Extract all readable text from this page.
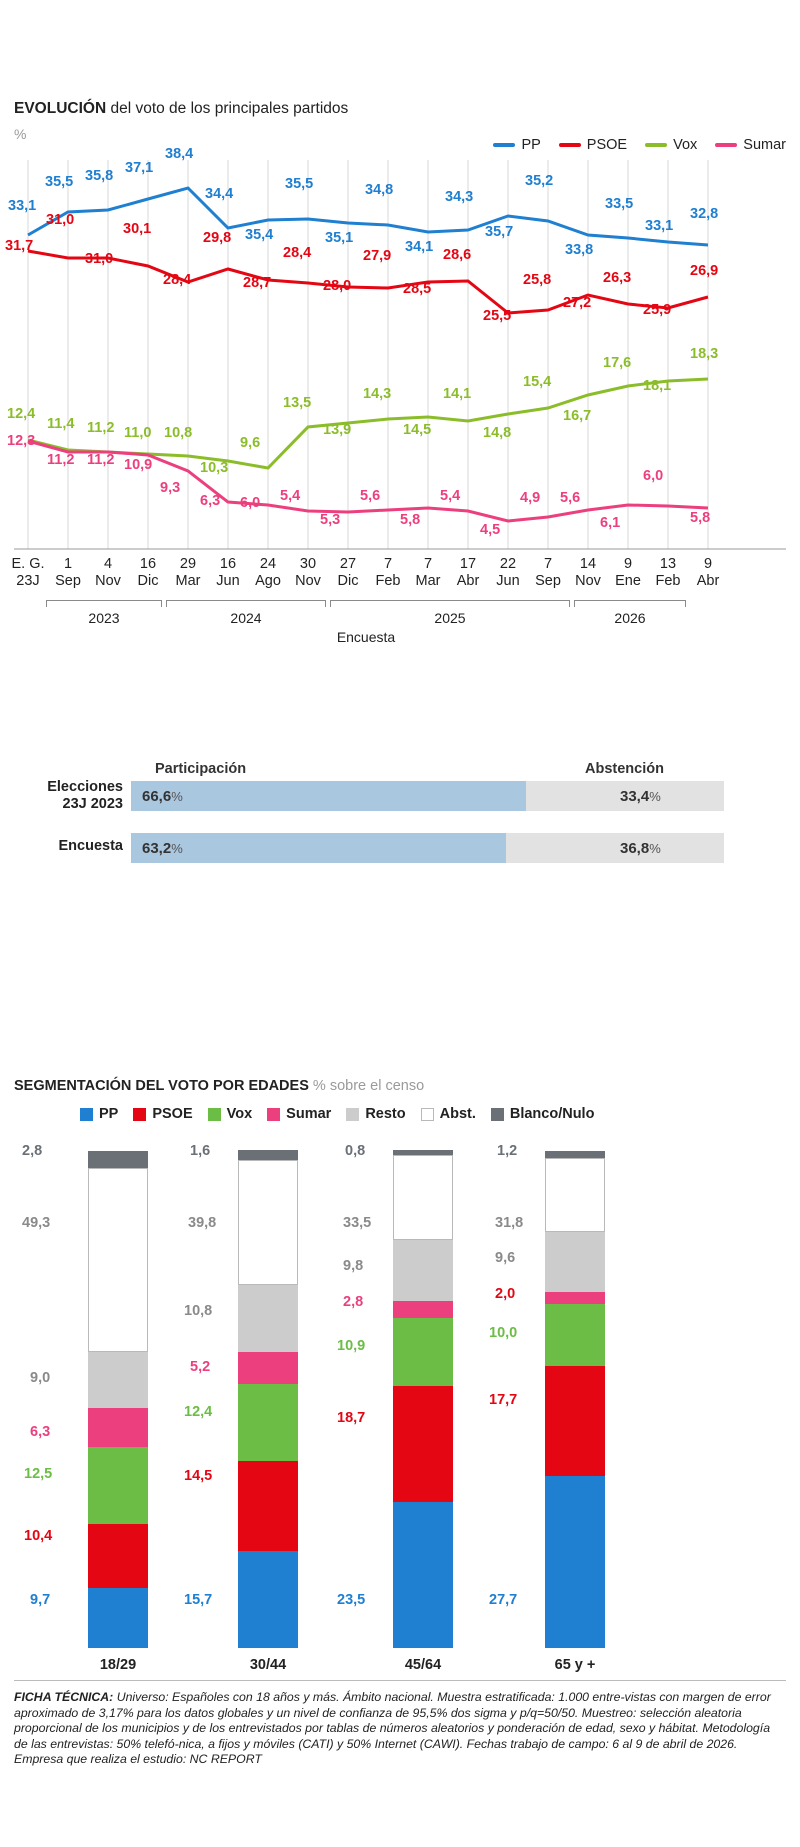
EVOLUCIÓN del voto de los principales partidos
%
PP	PSOE	Vox	Sumar
33,1
35,5 35,8 37,1
38,4
34,4
35,4
35,5
35,1
34,8
34,1
34,3
35,7
35,2
33,8
33,5
33,1
32,8
31,7
31,0
31,0
30,1
28,4
29,8
28,7
28,4
28,0
27,9
28,5
28,6
25,5
25,8
27,2
26,3
25,9
26,9
12,4
11,4 11,2 11,0 10,8
10,3
9,6
13,5
13,9
14,3
14,5
14,1
14,8
15,4
16,7
17,6
18,1
18,3
12,3
11,2 11,2 10,9
9,3
6,3 6,0 5,4
5,3
5,6
5,8
5,4
4,5
4,9 5,6
6,1
6,0
5,8
E. G.
23J
1
Sep
4
Nov
16
Dic
29
Mar
16
Jun
24
Ago
30
Nov
27
Dic
7
Feb
7
Mar
17
Abr
22
Jun
7
Sep
14
Nov
9
Ene
13
Feb
9
Abr
2023	2024	2025	2026
Encuesta
Participación	Abstención
Elecciones
23J 2023 66,6%	33,4%
Encuesta 63,2%	36,8%
SEGMENTACIÓN DEL VOTO POR EDADES % sobre el censo
PP PSOE Vox Sumar Resto Abst. Blanco/Nulo
2,8
49,3
9,0
6,3
12,5
10,4
9,7
18/29
1,6
39,8
10,8
5,2
12,4
14,5
15,7
30/44
0,8
33,5
9,8
2,8
10,9
18,7
23,5
45/64
1,2
31,8
9,6
2,0
10,0
17,7
27,7
65 y +
FICHA TÉCNICA: Universo: Españoles con 18 años y más. Ámbito nacional. Muestra estratificada: 1.000 entre-vistas con margen de error aproximado de 3,17% para los datos globales y un nivel de confianza de 95,5% dos sigma y p/q=50/50. Muestreo: selección aleatoria proporcional de los municipios y de los entrevistados por tablas de números aleatorios y ponderación de edad, sexo y hábitat. Metodología de las entrevistas: 50% telefó-nica, a fijos y móviles (CATI) y 50% Internet (CAWI). Fechas trabajo de campo: 6 al 9 de abril de 2026. Empresa que realiza el estudio: NC REPORT
